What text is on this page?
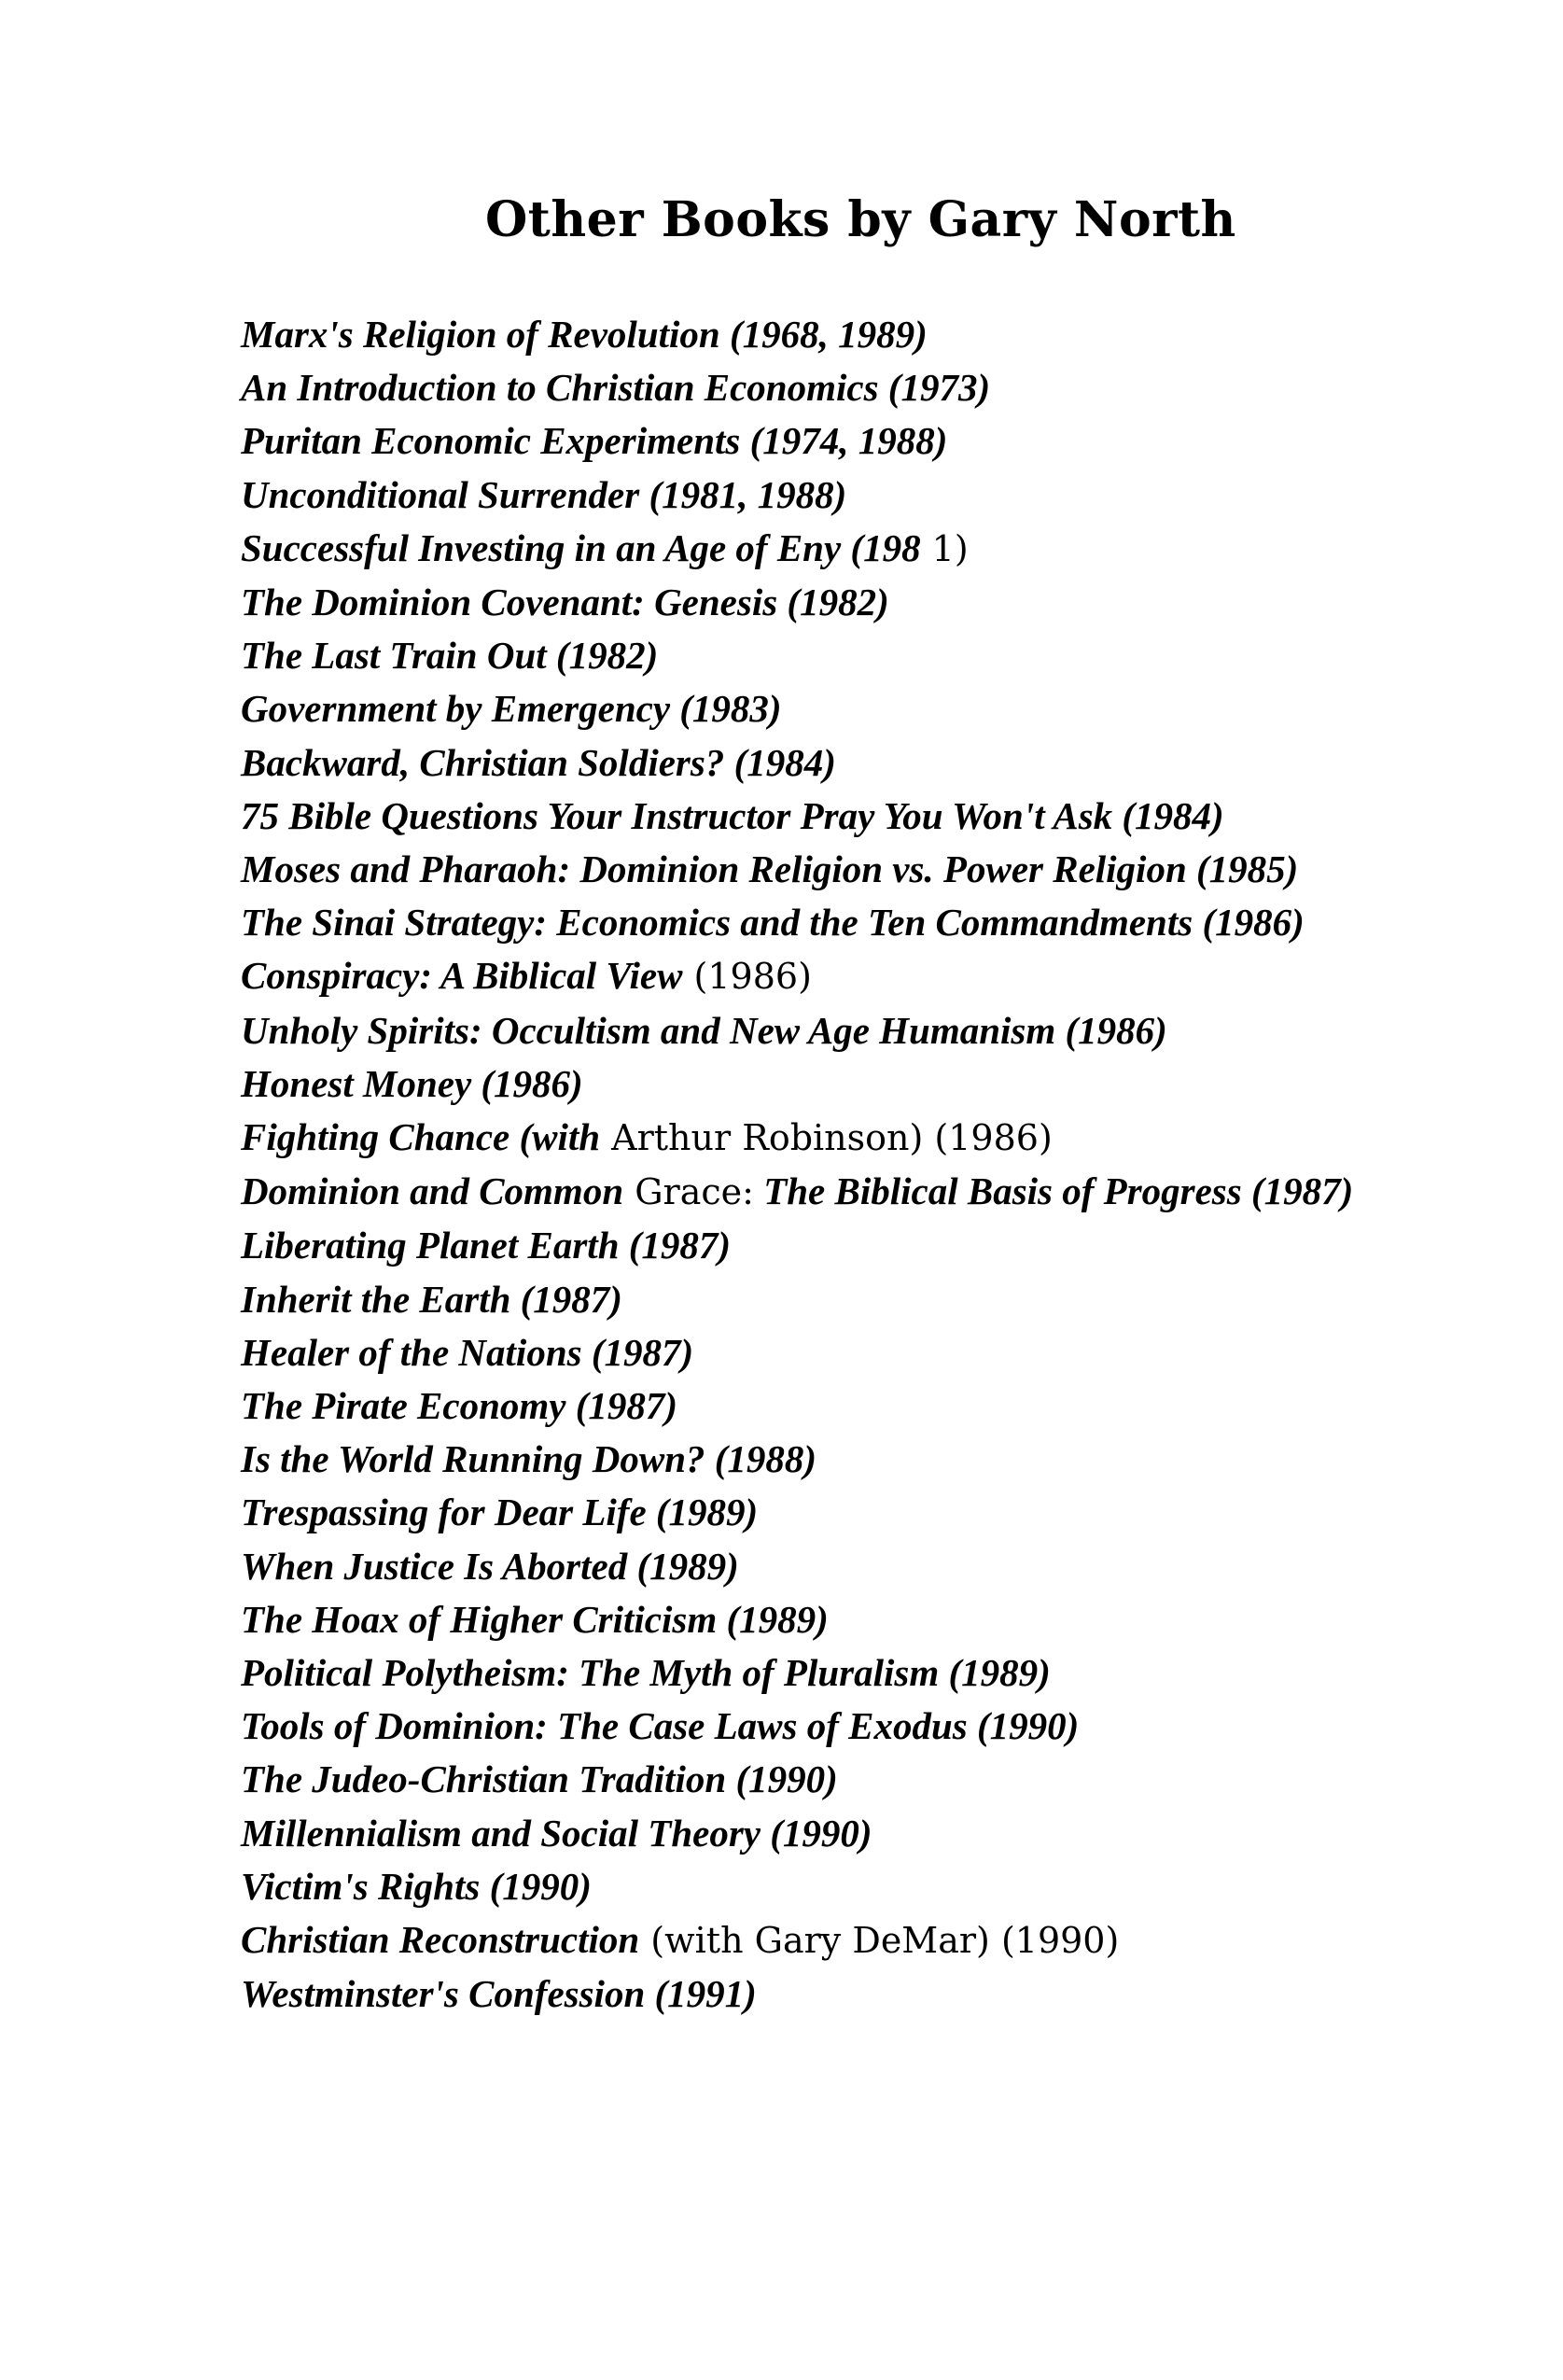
Other Books by Gary North
Marx's Religion of Revolution (1968, 1989)
An Introduction to Christian Economics (1973)
Puritan Economic Experiments (1974, 1988)
Unconditional Surrender (1981, 1988)
Successful Investing in an Age of Eny (198 1)
The Dominion Covenant: Genesis (1982)
The Last Train Out (1982)
Government by Emergency (1983)
Backward, Christian Soldiers? (1984)
75 Bible Questions Your Instructor Pray You Won't Ask (1984)
Moses and Pharaoh: Dominion Religion vs. Power Religion (1985)
The Sinai Strategy: Economics and the Ten Commandments (1986)
Conspiracy: A Biblical View (1986)
Unholy Spirits: Occultism and New Age Humanism (1986)
Honest Money (1986)
Fighting Chance (with Arthur Robinson) (1986)
Dominion and Common Grace: The Biblical Basis of Progress (1987)
Liberating Planet Earth (1987)
Inherit the Earth (1987)
Healer of the Nations (1987)
The Pirate Economy (1987)
Is the World Running Down? (1988)
Trespassing for Dear Life (1989)
When Justice Is Aborted (1989)
The Hoax of Higher Criticism (1989)
Political Polytheism: The Myth of Pluralism (1989)
Tools of Dominion: The Case Laws of Exodus (1990)
The Judeo-Christian Tradition (1990)
Millennialism and Social Theory (1990)
Victim's Rights (1990)
Christian Reconstruction (with Gary DeMar) (1990)
Westminster's Confession (1991)
